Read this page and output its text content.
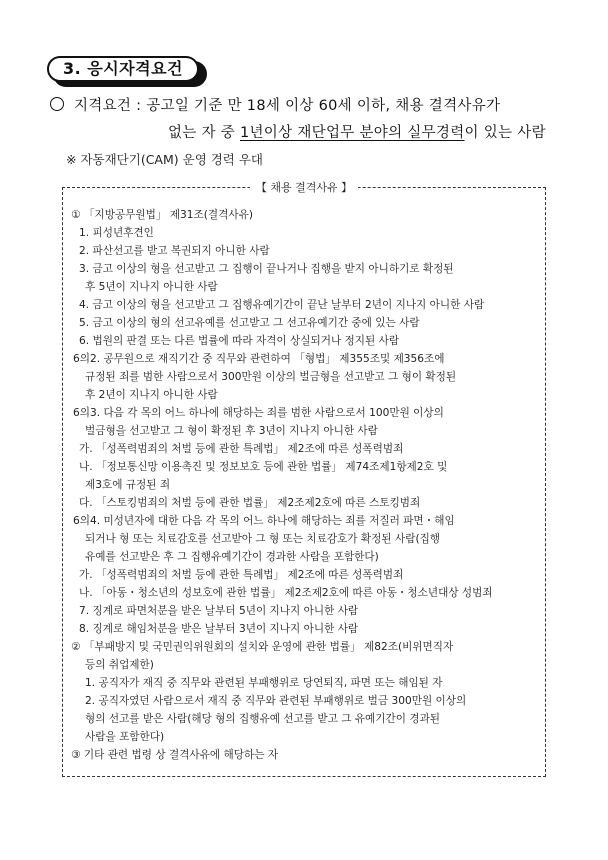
3. 응시자격요건
지격요건 : 공고일 기준 만 18세 이상 60세 이하, 채용 결격사유가
없는 자 중 1년이상 재단업무 분야의 실무경력이 있는 사람
※ 자동재단기(CAM) 운영 경력 우대
【 채용 결격사유 】
① 「지방공무원법」 제31조(결격사유)
1. 피성년후견인
2. 파산선고를 받고 복권되지 아니한 사람
3. 금고 이상의 형을 선고받고 그 집행이 끝나거나 집행을 받지 아니하기로 확정된
후 5년이 지나지 아니한 사람
4. 금고 이상의 형을 선고받고 그 집행유예기간이 끝난 날부터 2년이 지나지 아니한 사람
5. 금고 이상의 형의 선고유예를 선고받고 그 선고유예기간 중에 있는 사람
6. 법원의 판결 또는 다른 법률에 따라 자격이 상실되거나 정지된 사람
6의2. 공무원으로 재직기간 중 직무와 관련하여 「형법」 제355조및 제356조에
규정된 죄를 범한 사람으로서 300만원 이상의 벌금형을 선고받고 그 형이 확정된
후 2년이 지나지 아니한 사람
6의3. 다음 각 목의 어느 하나에 해당하는 죄를 범한 사람으로서 100만원 이상의
벌금형을 선고받고 그 형이 확정된 후 3년이 지나지 아니한 사람
가. 「성폭력범죄의 처벌 등에 관한 특례법」 제2조에 따른 성폭력범죄
나. 「정보통신망 이용촉진 및 정보보호 등에 관한 법률」 제74조제1항제2호 및
제3호에 규정된 죄
다. 「스토킹범죄의 처벌 등에 관한 법률」 제2조제2호에 따른 스토킹범죄
6의4. 미성년자에 대한 다음 각 목의 어느 하나에 해당하는 죄를 저질러 파면・해임
되거나 형 또는 치료감호를 선고받아 그 형 또는 치료감호가 확정된 사람(집행
유예를 선고받은 후 그 집행유예기간이 경과한 사람을 포함한다)
가. 「성폭력범죄의 처벌 등에 관한 특례법」 제2조에 따른 성폭력범죄
나. 「아동・청소년의 성보호에 관한 법률」 제2조제2호에 따른 아동・청소년대상 성범죄
7. 징계로 파면처분을 받은 날부터 5년이 지나지 아니한 사람
8. 징계로 해임처분을 받은 날부터 3년이 지나지 아니한 사람
② 「부패방지 및 국민권익위원회의 설치와 운영에 관한 법률」 제82조(비위면직자
등의 취업제한)
1. 공직자가 재직 중 직무와 관련된 부패행위로 당연퇴직, 파면 또는 해임된 자
2. 공직자였던 사람으로서 재직 중 직무와 관련된 부패행위로 벌금 300만원 이상의
형의 선고를 받은 사람(해당 형의 집행유예 선고를 받고 그 유예기간이 경과된
사람을 포함한다)
③ 기타 관련 법령 상 결격사유에 해당하는 자
